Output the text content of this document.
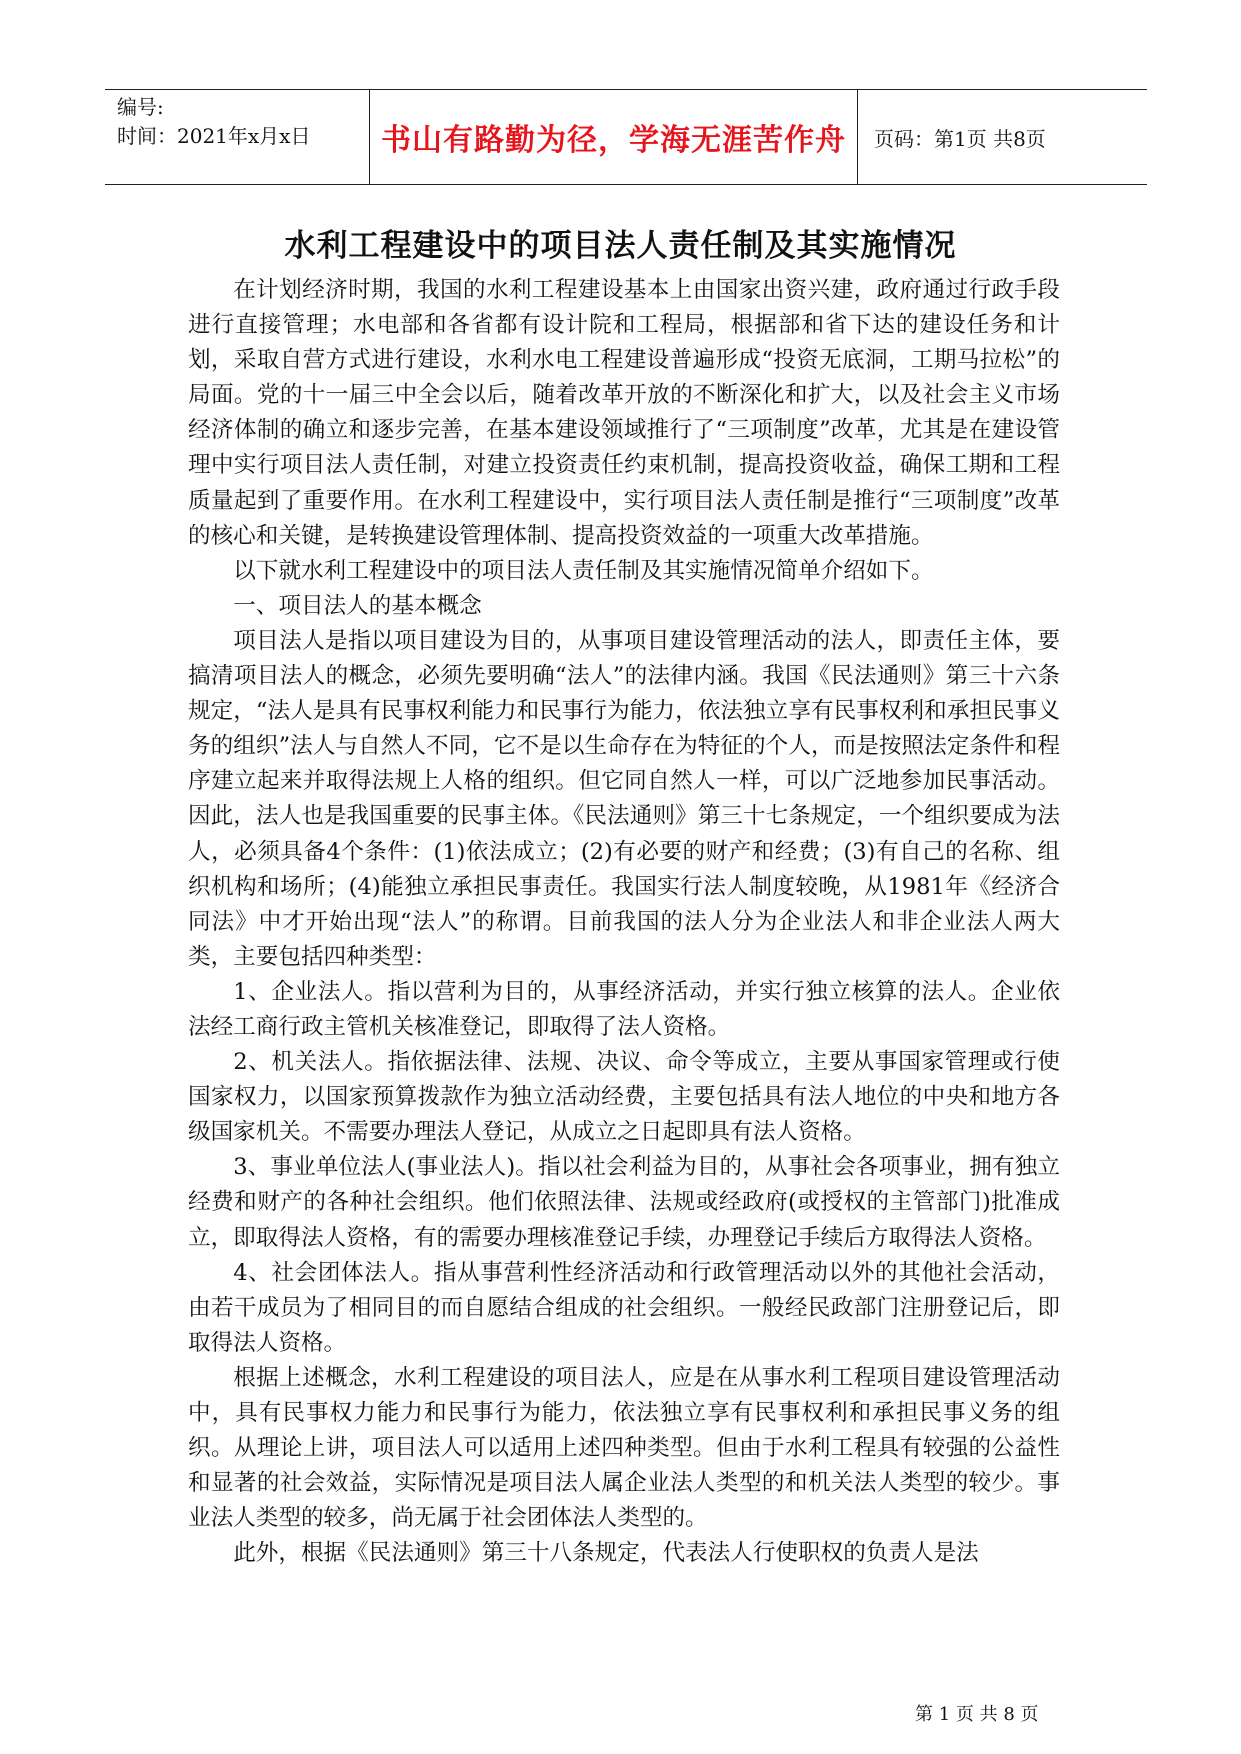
编号:
时间：2021年x月x日	书山有路勤为径，学海无涯苦作舟 页码：第1页 共8页
水利工程建设中的项目法人责任制及其实施情况

在计划经济时期，我国的水利工程建设基本上由国家出资兴建，政府通过行政手段进行直接管理；水电部和各省都有设计院和工程局，根据部和省下达的建设任务和计划，采取自营方式进行建设，水利水电工程建设普遍形成“投资无底洞，工期马拉松”的局面。党的十一届三中全会以后，随着改革开放的不断深化和扩大，以及社会主义市场经济体制的确立和逐步完善，在基本建设领域推行了“三项制度”改革，尤其是在建设管理中实行项目法人责任制，对建立投资责任约束机制，提高投资收益，确保工期和工程质量起到了重要作用。在水利工程建设中，实行项目法人责任制是推行“三项制度”改革的核心和关键，是转换建设管理体制、提高投资效益的一项重大改革措施。

以下就水利工程建设中的项目法人责任制及其实施情况简单介绍如下。

一、项目法人的基本概念

项目法人是指以项目建设为目的，从事项目建设管理活动的法人，即责任主体，要搞清项目法人的概念，必须先要明确“法人”的法律内涵。我国《民法通则》第三十六条规定，“法人是具有民事权利能力和民事行为能力，依法独立享有民事权利和承担民事义务的组织”法人与自然人不同，它不是以生命存在为特征的个人，而是按照法定条件和程序建立起来并取得法规上人格的组织。但它同自然人一样，可以广泛地参加民事活动。因此，法人也是我国重要的民事主体。《民法通则》第三十七条规定，一个组织要成为法人，必须具备4个条件：(1)依法成立；(2)有必要的财产和经费；(3)有自己的名称、组织机构和场所；(4)能独立承担民事责任。我国实行法人制度较晚，从1981年《经济合同法》中才开始出现“法人”的称谓。目前我国的法人分为企业法人和非企业法人两大类，主要包括四种类型：

1、企业法人。指以营利为目的，从事经济活动，并实行独立核算的法人。企业依法经工商行政主管机关核准登记，即取得了法人资格。

2、机关法人。指依据法律、法规、决议、命令等成立，主要从事国家管理或行使国家权力，以国家预算拨款作为独立活动经费，主要包括具有法人地位的中央和地方各级国家机关。不需要办理法人登记，从成立之日起即具有法人资格。

3、事业单位法人(事业法人)。指以社会利益为目的，从事社会各项事业，拥有独立经费和财产的各种社会组织。他们依照法律、法规或经政府(或授权的主管部门)批准成立，即取得法人资格，有的需要办理核准登记手续，办理登记手续后方取得法人资格。

4、社会团体法人。指从事营利性经济活动和行政管理活动以外的其他社会活动，由若干成员为了相同目的而自愿结合组成的社会组织。一般经民政部门注册登记后，即取得法人资格。

根据上述概念，水利工程建设的项目法人，应是在从事水利工程项目建设管理活动中，具有民事权力能力和民事行为能力，依法独立享有民事权利和承担民事义务的组织。从理论上讲，项目法人可以适用上述四种类型。但由于水利工程具有较强的公益性和显著的社会效益，实际情况是项目法人属企业法人类型的和机关法人类型的较少。事业法人类型的较多，尚无属于社会团体法人类型的。

此外，根据《民法通则》第三十八条规定，代表法人行使职权的负责人是法

第 1 页 共 8 页
